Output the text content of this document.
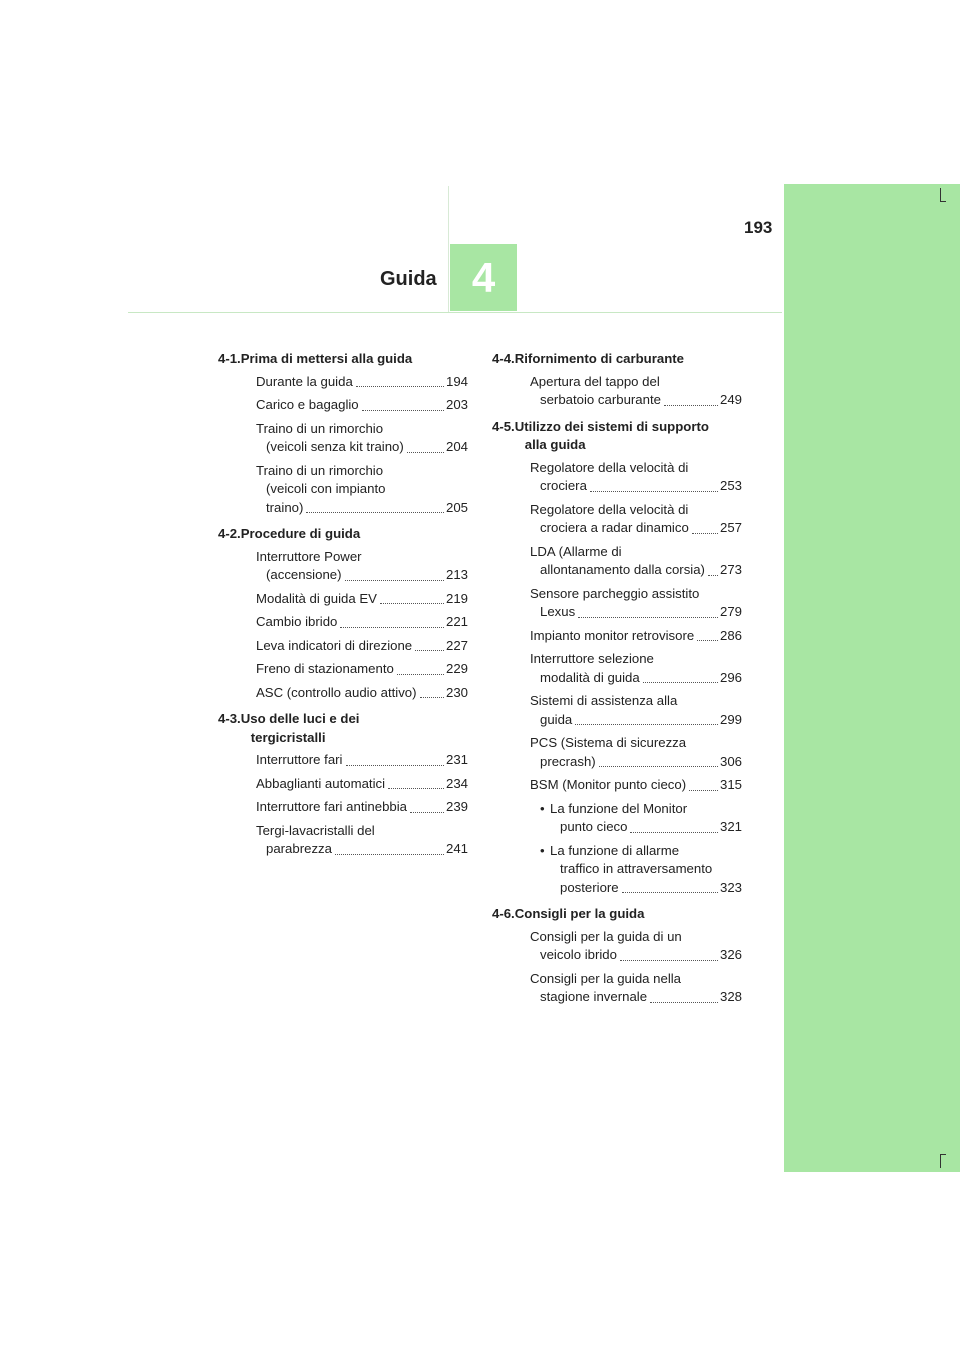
193
Guida 4
4-1. Prima di mettersi alla guida
Durante la guida	194
Carico e bagaglio	203
Traino di un rimorchio
(veicoli senza kit traino)	204
Traino di un rimorchio
(veicoli con impianto
traino)	205
4-2. Procedure di guida
Interruttore Power
(accensione)	213
Modalità di guida EV	219
Cambio ibrido	221
Leva indicatori di direzione	227
Freno di stazionamento	229
ASC (controllo audio attivo) 230
4-3. Uso delle luci e dei
tergicristalli
Interruttore fari	231
Abbaglianti automatici	234
Interruttore fari antinebbia	239
Tergi-lavacristalli del
parabrezza	241
4-4. Rifornimento di carburante
Apertura del tappo del
serbatoio carburante	249
4-5. Utilizzo dei sistemi di supporto
alla guida
Regolatore della velocità di
crociera	253
Regolatore della velocità di
crociera a radar dinamico 257
LDA (Allarme di
allontanamento dalla corsia) 273
Sensore parcheggio assistito
Lexus	279
Impianto monitor retrovisore 286
Interruttore selezione
modalità di guida	296
Sistemi di assistenza alla
guida	299
PCS (Sistema di sicurezza
precrash)	306
BSM (Monitor punto cieco)	315
• La funzione del Monitor
punto cieco	321
• La funzione di allarme
traffico in attraversamento
posteriore	323
4-6. Consigli per la guida
Consigli per la guida di un
veicolo ibrido	326
Consigli per la guida nella
stagione invernale	328
